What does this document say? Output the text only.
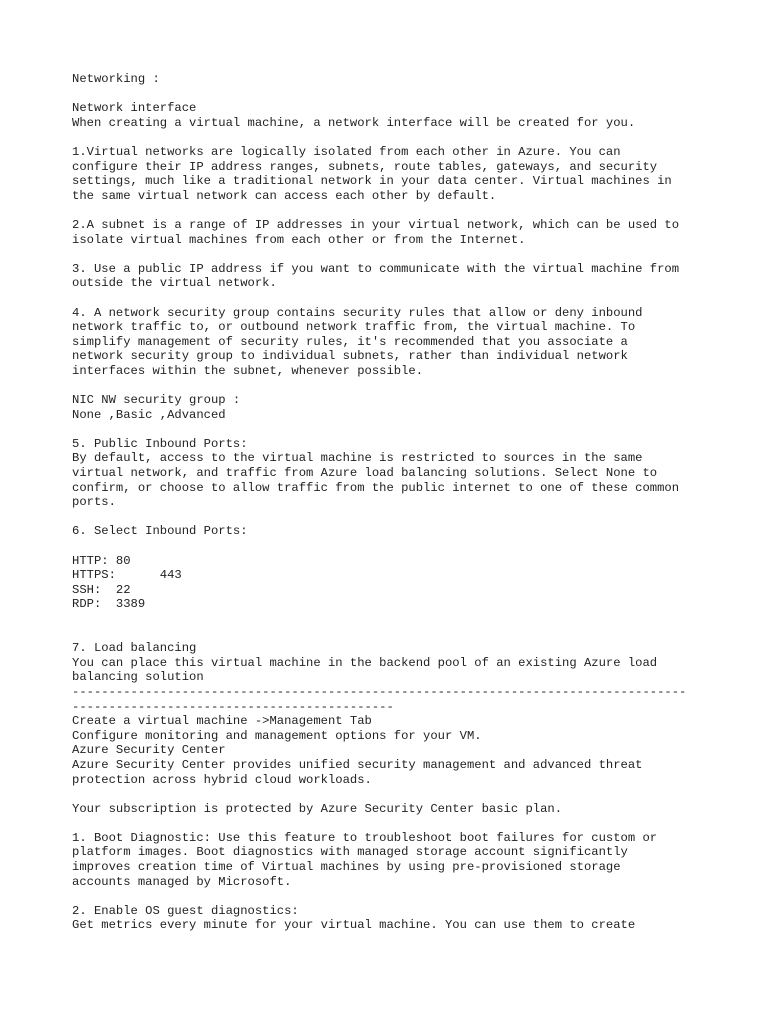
Networking :
Network interface
When creating a virtual machine, a network interface will be created for you.
1.Virtual networks are logically isolated from each other in Azure. You can
configure their IP address ranges, subnets, route tables, gateways, and security
settings, much like a traditional network in your data center. Virtual machines in
the same virtual network can access each other by default.
2.A subnet is a range of IP addresses in your virtual network, which can be used to
isolate virtual machines from each other or from the Internet.
3. Use a public IP address if you want to communicate with the virtual machine from
outside the virtual network.
4. A network security group contains security rules that allow or deny inbound
network traffic to, or outbound network traffic from, the virtual machine. To
simplify management of security rules, it's recommended that you associate a
network security group to individual subnets, rather than individual network
interfaces within the subnet, whenever possible.
NIC NW security group :
None ,Basic ,Advanced
5. Public Inbound Ports:
By default, access to the virtual machine is restricted to sources in the same
virtual network, and traffic from Azure load balancing solutions. Select None to
confirm, or choose to allow traffic from the public internet to one of these common
ports.
6. Select Inbound Ports:
HTTP: 80
HTTPS:      443
SSH:  22
RDP:  3389
7. Load balancing
You can place this virtual machine in the backend pool of an existing Azure load
balancing solution
------------------------------------------------------------------------------------
--------------------------------------------
Create a virtual machine ->Management Tab
Configure monitoring and management options for your VM.
Azure Security Center
Azure Security Center provides unified security management and advanced threat
protection across hybrid cloud workloads.
Your subscription is protected by Azure Security Center basic plan.
1. Boot Diagnostic: Use this feature to troubleshoot boot failures for custom or
platform images. Boot diagnostics with managed storage account significantly
improves creation time of Virtual machines by using pre-provisioned storage
accounts managed by Microsoft.
2. Enable OS guest diagnostics:
Get metrics every minute for your virtual machine. You can use them to create
